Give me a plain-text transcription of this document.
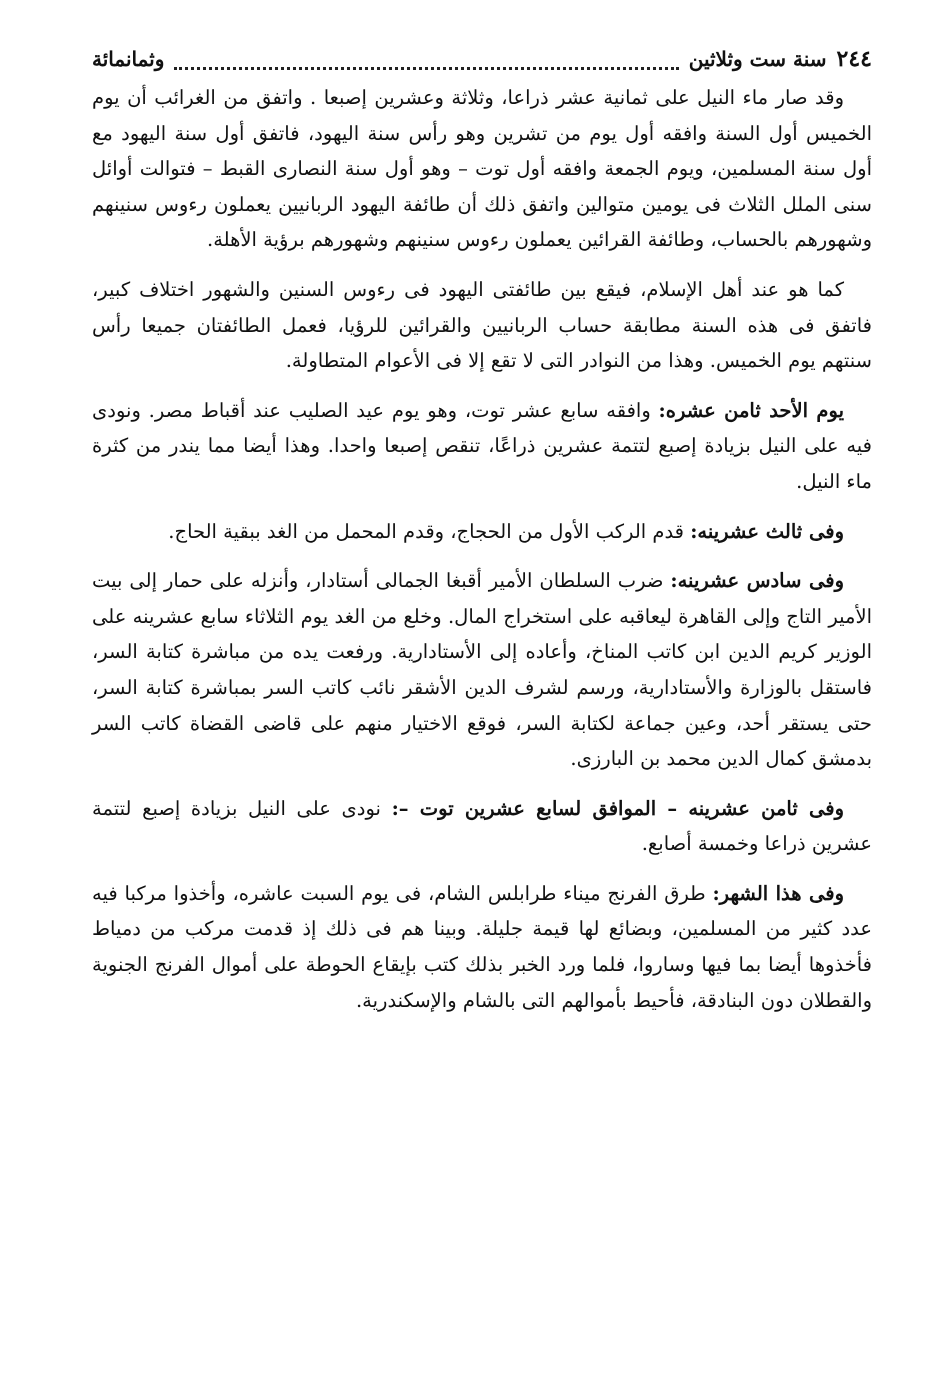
٢٤٤
سنة ست وثلاثين
وثمانمائة

وقد صار ماء النيل على ثمانية عشر ذراعا، وثلاثة وعشرين إصبعا . واتفق من الغرائب أن يوم الخميس أول السنة وافقه أول يوم من تشرين وهو رأس سنة اليهود، فاتفق أول سنة اليهود مع أول سنة المسلمين، ويوم الجمعة وافقه أول توت – وهو أول سنة النصارى القبط – فتوالت أوائل سنى الملل الثلاث فى يومين متوالين واتفق ذلك أن طائفة اليهود الربانيين يعملون رءوس سنينهم وشهورهم بالحساب، وطائفة القرائين يعملون رءوس سنينهم وشهورهم برؤية الأهلة.

كما هو عند أهل الإسلام، فيقع بين طائفتى اليهود فى رءوس السنين والشهور اختلاف كبير، فاتفق فى هذه السنة مطابقة حساب الربانيين والقرائين للرؤيا، فعمل الطائفتان جميعا رأس سنتهم يوم الخميس. وهذا من النوادر التى لا تقع إلا فى الأعوام المتطاولة.

يوم الأحد ثامن عشره: وافقه سابع عشر توت، وهو يوم عيد الصليب عند أقباط مصر. ونودى فيه على النيل بزيادة إصبع لتتمة عشرين ذراعًا، تنقص إصبعا واحدا. وهذا أيضا مما يندر من كثرة ماء النيل.

وفى ثالث عشرينه: قدم الركب الأول من الحجاج، وقدم المحمل من الغد ببقية الحاج.

وفى سادس عشرينه: ضرب السلطان الأمير أقبغا الجمالى أستادار، وأنزله على حمار إلى بيت الأمير التاج وإلى القاهرة ليعاقبه على استخراج المال. وخلع من الغد يوم الثلاثاء سابع عشرينه على الوزير كريم الدين ابن كاتب المناخ، وأعاده إلى الأستادارية. ورفعت يده من مباشرة كتابة السر، فاستقل بالوزارة والأستادارية، ورسم لشرف الدين الأشقر نائب كاتب السر بمباشرة كتابة السر، حتى يستقر أحد، وعين جماعة لكتابة السر، فوقع الاختيار منهم على قاضى القضاة كاتب السر بدمشق كمال الدين محمد بن البارزى.

وفى ثامن عشرينه – الموافق لسابع عشرين توت –: نودى على النيل بزيادة إصبع لتتمة عشرين ذراعا وخمسة أصابع.

وفى هذا الشهر: طرق الفرنج ميناء طرابلس الشام، فى يوم السبت عاشره، وأخذوا مركبا فيه عدد كثير من المسلمين، وبضائع لها قيمة جليلة. وبينا هم فى ذلك إذ قدمت مركب من دمياط فأخذوها أيضا بما فيها وساروا، فلما ورد الخبر بذلك كتب بإيقاع الحوطة على أموال الفرنج الجنوية والقطلان دون البنادقة، فأحيط بأموالهم التى بالشام والإسكندرية.
